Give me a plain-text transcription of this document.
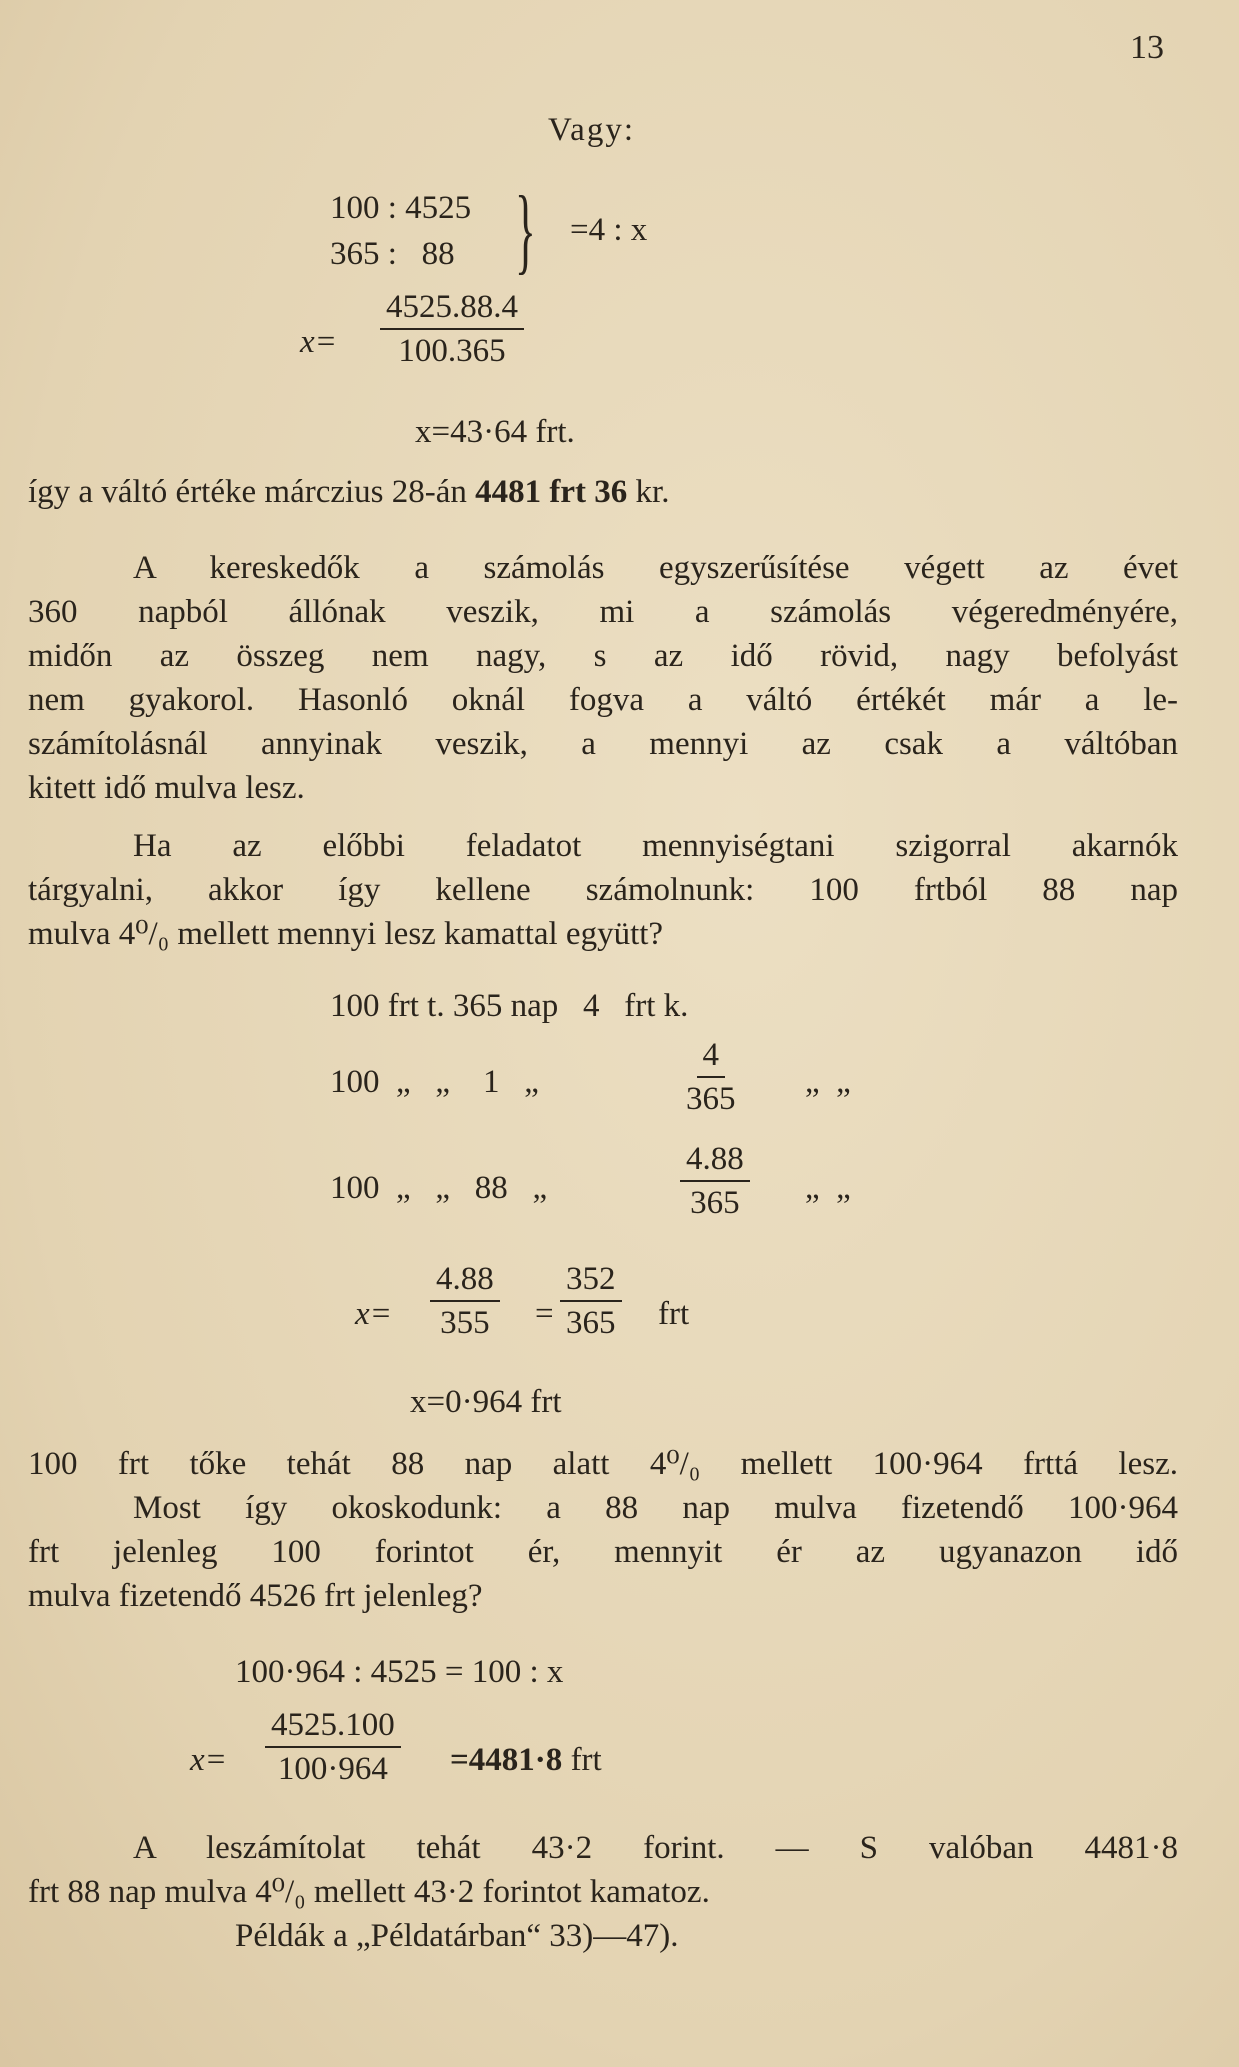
13
Vagy:
100 : 4525
365 :   88 } =4 : x
$x= \frac{4525.88.4}{100.365}$
x=43·64 frt.
így a váltó értéke márczius 28-án 4481 frt 36 kr.
A kereskedők a számolás egyszerűsítése végett az évet
360 napból állónak veszik, mi a számolás végeredményére,
midőn az összeg nem nagy, s az idő rövid, nagy befolyást
nem gyakorol. Hasonló oknál fogva a váltó értékét már a le-
számítolásnál annyinak veszik, a mennyi az csak a váltóban
kitett idő mulva lesz.
Ha az előbbi feladatot mennyiségtani szigorral akarnók
tárgyalni, akkor így kellene számolnunk: 100 frtból 88 nap
mulva 4⁰/₀ mellett mennyi lesz kamattal együtt?
100 frt t. 365 nap   4   frt k.
100  „   „    1   „	$\frac{4}{365}$ „  „
100  „   „   88   „	$\frac{4.88}{365}$ „  „
$x= \frac{4.88}{355} = \frac{352}{365}$ frt
x=0·964 frt
100 frt tőke tehát 88 nap alatt 4⁰/₀ mellett 100·964 frttá lesz.
Most így okoskodunk: a 88 nap mulva fizetendő 100·964
frt jelenleg 100 forintot ér, mennyit ér az ugyanazon idő
mulva fizetendő 4526 frt jelenleg?
100·964 : 4525 = 100 : x
$x= \frac{4525.100}{100\cdot 964} =4481\cdot 8$ frt
A leszámítolat tehát 43·2 forint. — S valóban 4481·8
frt 88 nap mulva 4⁰/₀ mellett 43·2 forintot kamatoz.
Példák a „Példatárban“ 33)—47).
